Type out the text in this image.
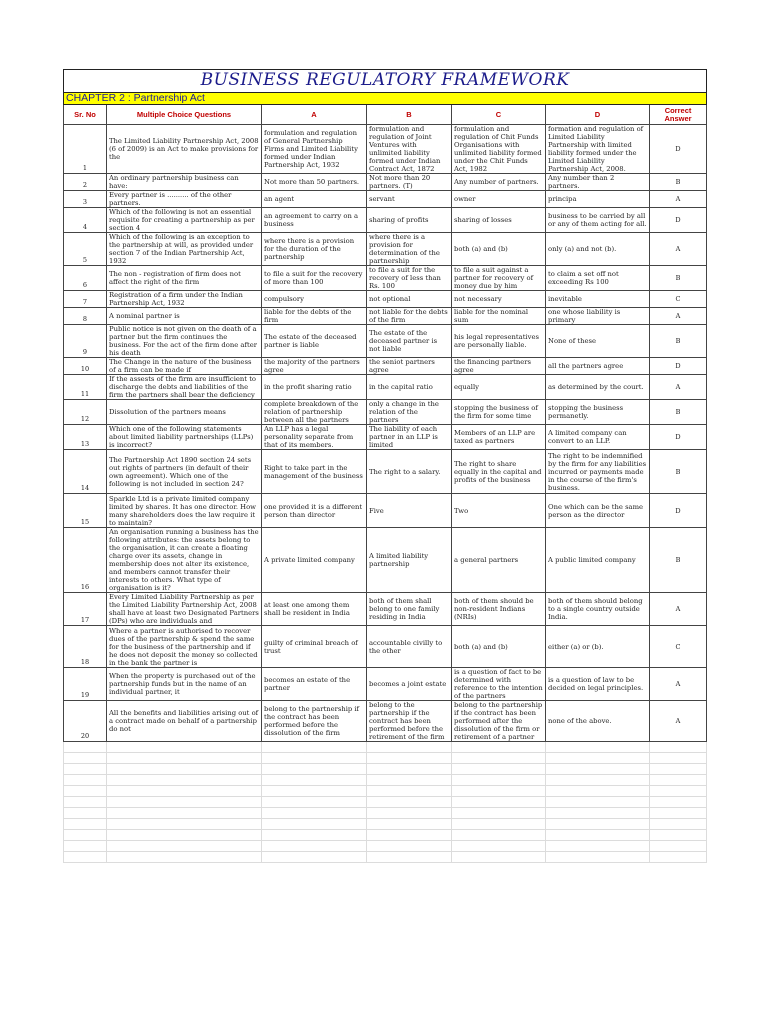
BUSINESS REGULATORY FRAMEWORK						
CHAPTER 2 : Partnership Act						
Sr. No	Multiple Choice Questions	A	B	C	D	Correct Answer
1	The Limited Liability Partnership Act, 2008 (6 of 2009) is an Act to make provisions for the	formulation and regulation of General Partnership Firms and Limited Liability formed under Indian Partnership Act, 1932	formulation and regulation of Joint Ventures with unlimited liability formed under Indian Contract Act, 1872	formulation and regulation of Chit Funds Organisations with unlimited liability formed under the Chit Funds Act, 1982	formation and regulation of Limited Liability Partnership with limited liability formed under the Limited Liability Partnership Act, 2008.	D
2	An ordinary partnership business can have:	Not more than 50 partners.	Not more than 20 partners. (T)	Any number of partners.	Any number than 2 partners.	B
3	Every partner is .......... of the other partners.	an agent	servant	owner	principa	A
4	Which of the following is not an essential requisite for creating a partnership as per section 4	an agreement to carry on a business	sharing of profits	sharing of losses	business to be carried by all or any of them acting for all.	D
5	Which of the following is an exception to the partnership at will, as provided under section 7 of the Indian Partnership Act, 1932	where there is a provision for the duration of the partnership	where there is a provision for determination of the partnership	both (a) and (b)	only (a) and not (b).	A
6	The non - registration of firm does not affect the right of the firm	to file a suit for the recovery of more than 100	to file a suit for the recovery of less than Rs. 100	to file a suit against a partner for recovery of money due by him	to claim a set off not exceeding Rs 100	B
7	Registration of a firm under the Indian Partnership Act, 1932	compulsory	not optional	not necessary	inevitable	C
8	A nominal partner is	liable for the debts of the firm	not liable for the debts of the firm	liable for the nominal sum	one whose liability is primary	A
9	Public notice is not given on the death of a partner but the firm continues the business. For the act of the firm done after his death	The estate of the deceased partner is liable	The estate of the deceased partner is not liable	his legal representatives are personally liable.	None of these	B
10	The Change in the nature of the business of a firm can be made if	the majority of the partners agree	the seniot partners agree	the financing partners agree	all the partners agree	D
11	If the assests of the firm are insufficient to discharge the debts and liabilities of the firm the partners shall bear the deficiency	in the profit sharing ratio	in the capital ratio	equally	as determined by the court.	A
12	Dissolution of the partners means	complete breakdown of the relation of partnership between all the partners	only a change in the relation of the partners	stopping the business of the firm for some time	stopping the business permanetly.	B
13	Which one of the following statements about limited liability partnerships (LLPs) is incorrect?	An LLP has a legal personality separate from that of its members.	The liability of each partner in an LLP is limited	Members of an LLP are taxed as partners	A limited company can convert to an LLP.	D
14	The Partnership Act 1890 section 24 sets out rights of partners (in default of their own agreement). Which one of the following is not included in section 24?	Right to take part in the management of the business	The right to a salary.	The right to share equally in the capital and profits of the business	The right to be indemnified by the firm for any liabilities incurred or payments made in the course of the firm's business.	B
15	Sparkle Ltd is a private limited company limited by shares. It has one director. How many shareholders does the law require it to maintain?	one provided it is a different person than director	Five	Two	One which can be the same person as the director	D
16	An organisation running a business has the following attributes: the assets belong to the organisation, it can create a floating charge over its assets, change in membership does not alter its existence, and members cannot transfer their interests to others. What type of organisation is it?	A private limited company	A limited liability partnership	a general partners	A public limited company	B
17	Every Limited Liability Partnership as per the Limited Liability Partnership Act, 2008 shall have at least two Designated Partners (DPs) who are individuals and	at least one among them shall be resident in India	both of them shall belong to one family residing in India	both of them should be non-resident Indians (NRIs)	both of them should belong to a single country outside India.	A
18	Where a partner is authorised to recover dues of the partnership & spend the same for the business of the partnership and if he does not deposit the money so collected in the bank the partner is	guilty of criminal breach of trust	accountable civilly to the other	both (a) and (b)	either (a) or (b).	C
19	When the property is purchased out of the partnership funds but in the name of an individual partner, it	becomes an estate of the partner	becomes a joint estate	is a question of fact to be determined with reference to the intention of the partners	is a question of law to be decided on legal principles.	A
20	All the benefits and liabilities arising out of a contract made on behalf of a partnership do not	belong to the partnership if the contract has been performed before the dissolution of the firm	belong to the partnership if the contract has been performed before the retirement of the firm	belong to the partnership if the contract has been performed after the dissolution of the firm or retirement of a partner	none of the above.	A
